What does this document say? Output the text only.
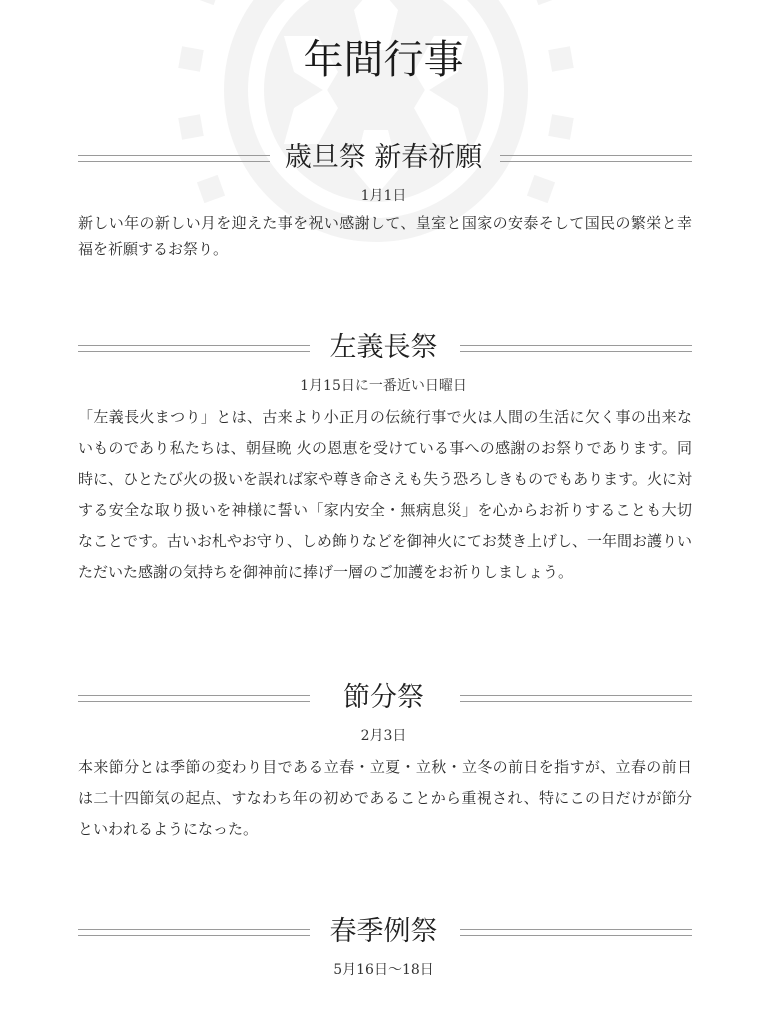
年間行事
歳旦祭 新春祈願
1月1日

新しい年の新しい月を迎えた事を祝い感謝して、皇室と国家の安泰そして国民の繁栄と幸福を祈願するお祭り。

左義長祭
1月15日に一番近い日曜日

「左義長火まつり」とは、古来より小正月の伝統行事で火は人間の生活に欠く事の出来ないものであり私たちは、朝昼晩 火の恩恵を受けている事への感謝のお祭りであります。同時に、ひとたび火の扱いを誤れば家や尊き命さえも失う恐ろしきものでもあります。火に対する安全な取り扱いを神様に誓い「家内安全・無病息災」を心からお祈りすることも大切なことです。古いお札やお守り、しめ飾りなどを御神火にてお焚き上げし、一年間お護りいただいた感謝の気持ちを御神前に捧げ一層のご加護をお祈りしましょう。

節分祭
2月3日

本来節分とは季節の変わり目である立春・立夏・立秋・立冬の前日を指すが、立春の前日は二十四節気の起点、すなわち年の初めであることから重視され、特にこの日だけが節分といわれるようになった。

春季例祭
5月16日～18日
